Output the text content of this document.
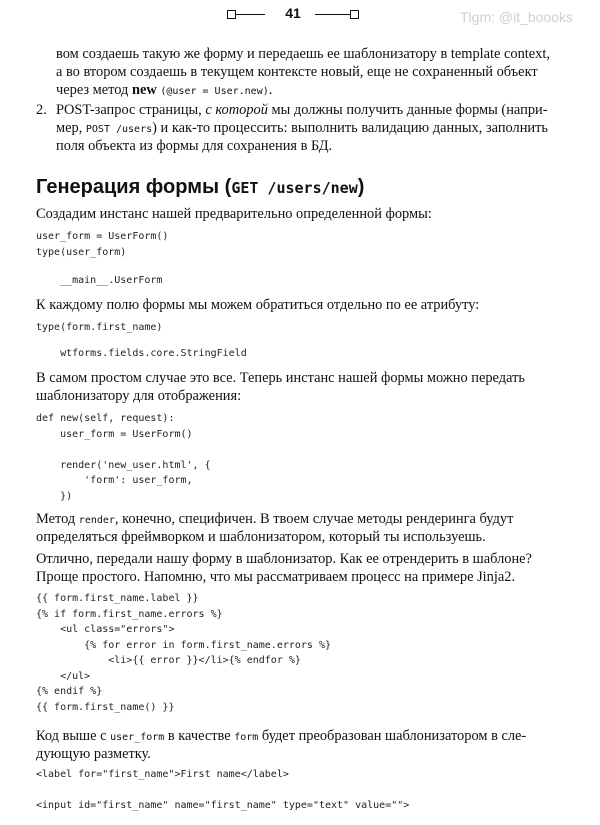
41	Tlgm: @it_boooks
вом создаешь такую же форму и передаешь ее шаблонизатору в template context,
а во втором создаешь в текущем контексте новый, еще не сохраненный объект
через метод new (@user = User.new).
2. POST-запрос страницы, с которой мы должны получить данные формы (напри-
мер, POST /users) и как-то процессить: выполнить валидацию данных, заполнить
поля объекта из формы для сохранения в БД.
Генерация формы (GET /users/new)
Создадим инстанс нашей предварительно определенной формы:
user_form = UserForm()
type(user_form)
__main__.UserForm
К каждому полю формы мы можем обратиться отдельно по ее атрибуту:
type(form.first_name)
wtforms.fields.core.StringField
В самом простом случае это все. Теперь инстанс нашей формы можно передать
шаблонизатору для отображения:
def new(self, request):
user_form = UserForm()

render('new_user.html', {
'form': user_form,
})
Метод render, конечно, специфичен. В твоем случае методы рендеринга будут
определяться фреймворком и шаблонизатором, который ты используешь.
Отлично, передали нашу форму в шаблонизатор. Как ее отрендерить в шаблоне?
Проще простого. Напомню, что мы рассматриваем процесс на примере Jinja2.
{{ form.first_name.label }}
{% if form.first_name.errors %}
<ul class="errors">
{% for error in form.first_name.errors %}
<li>{{ error }}</li>{% endfor %}
</ul>
{% endif %}
{{ form.first_name() }}
Код выше с user_form в качестве form будет преобразован шаблонизатором в сле-
дующую разметку.
<label for="first_name">First name</label>

<input id="first_name" name="first_name" type="text" value="">
